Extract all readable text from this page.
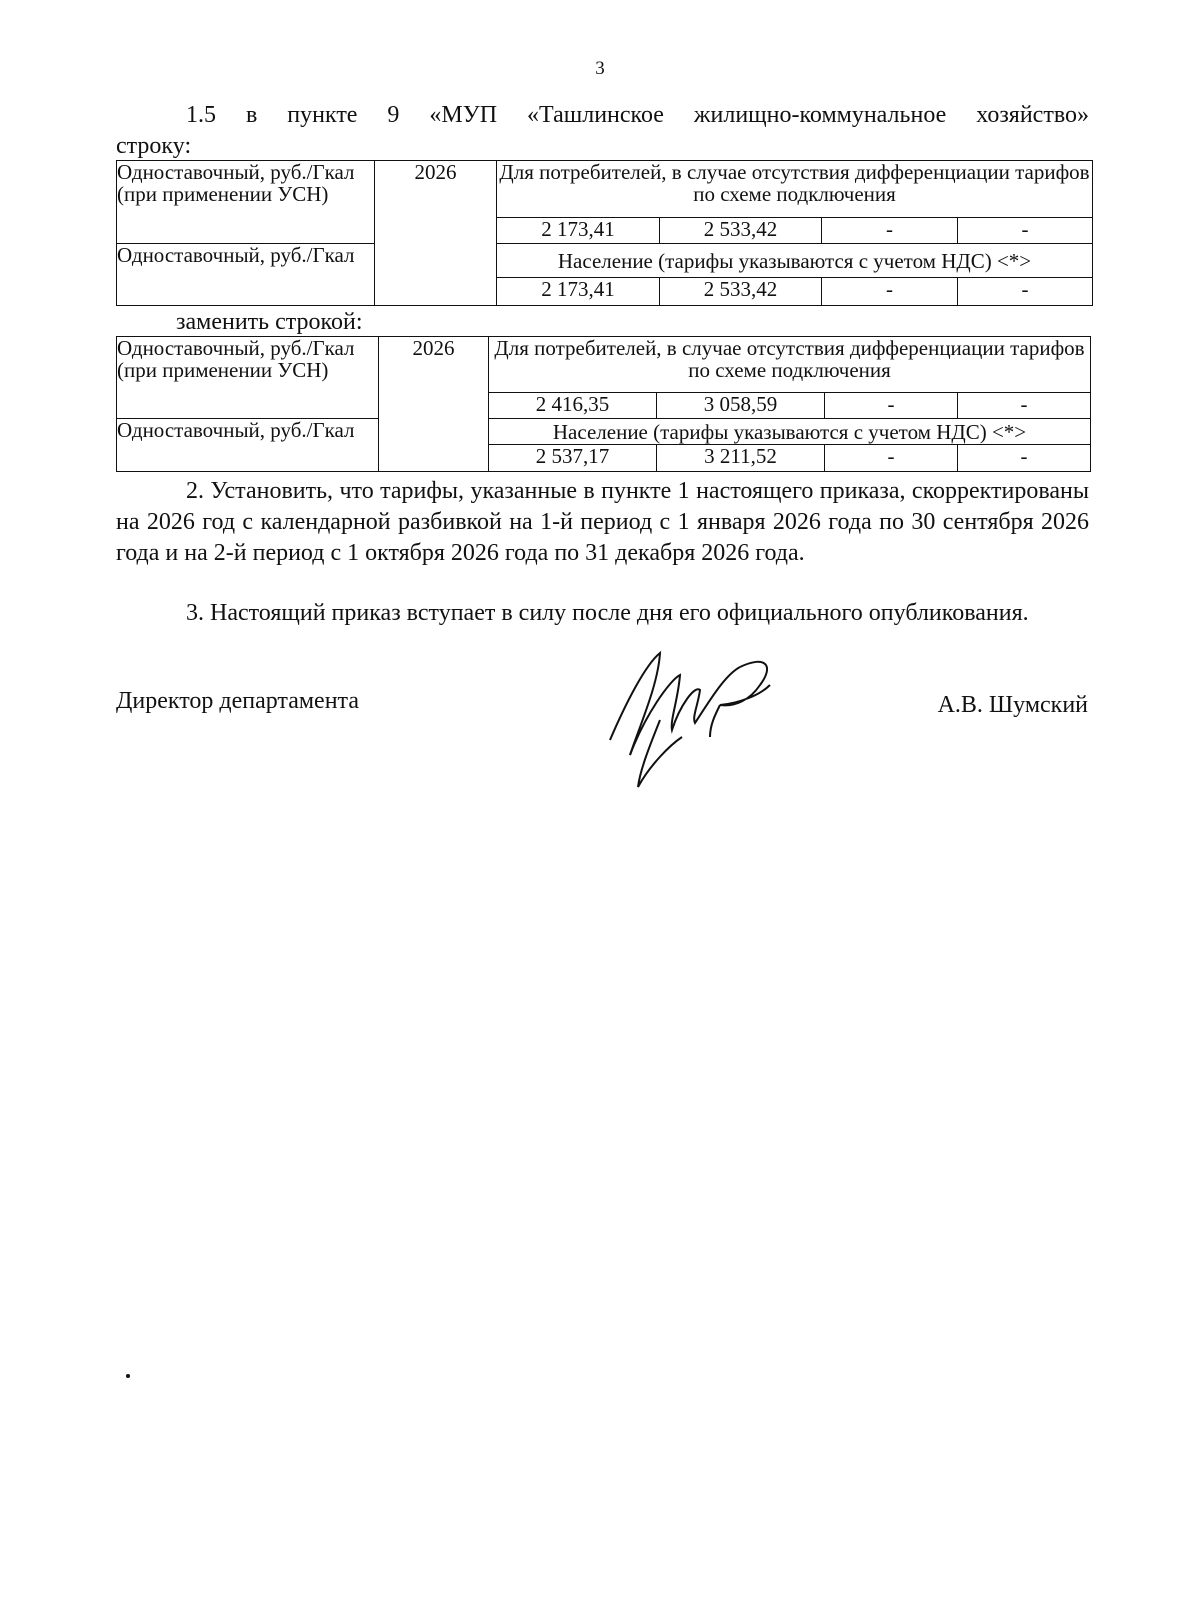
3

1.5 в пункте 9 «МУП «Ташлинское жилищно-коммунальное хозяйство»

строку:
Одноставочный, руб./Гкал (при применении УСН)	2026	Для потребителей, в случае отсутствия дифференциации тарифов по схеме подключения			
		2 173,41	2 533,42	-	-
Одноставочный, руб./Гкал		Население (тарифы указываются с учетом НДС) <*>			
		2 173,41	2 533,42	-	-
заменить строкой:
Одноставочный, руб./Гкал (при применении УСН)	2026	Для потребителей, в случае отсутствия дифференциации тарифов по схеме подключения			
		2 416,35	3 058,59	-	-
Одноставочный, руб./Гкал		Население (тарифы указываются с учетом НДС) <*>			
		2 537,17	3 211,52	-	-

2. Установить, что тарифы, указанные в пункте 1 настоящего приказа, скорректированы на 2026 год с календарной разбивкой на 1-й период с 1 января 2026 года по 30 сентября 2026 года и на 2-й период с 1 октября 2026 года по 31 декабря 2026 года.

3. Настоящий приказ вступает в силу после дня его официального опубликования.

Директор департамента	А.В. Шумский
